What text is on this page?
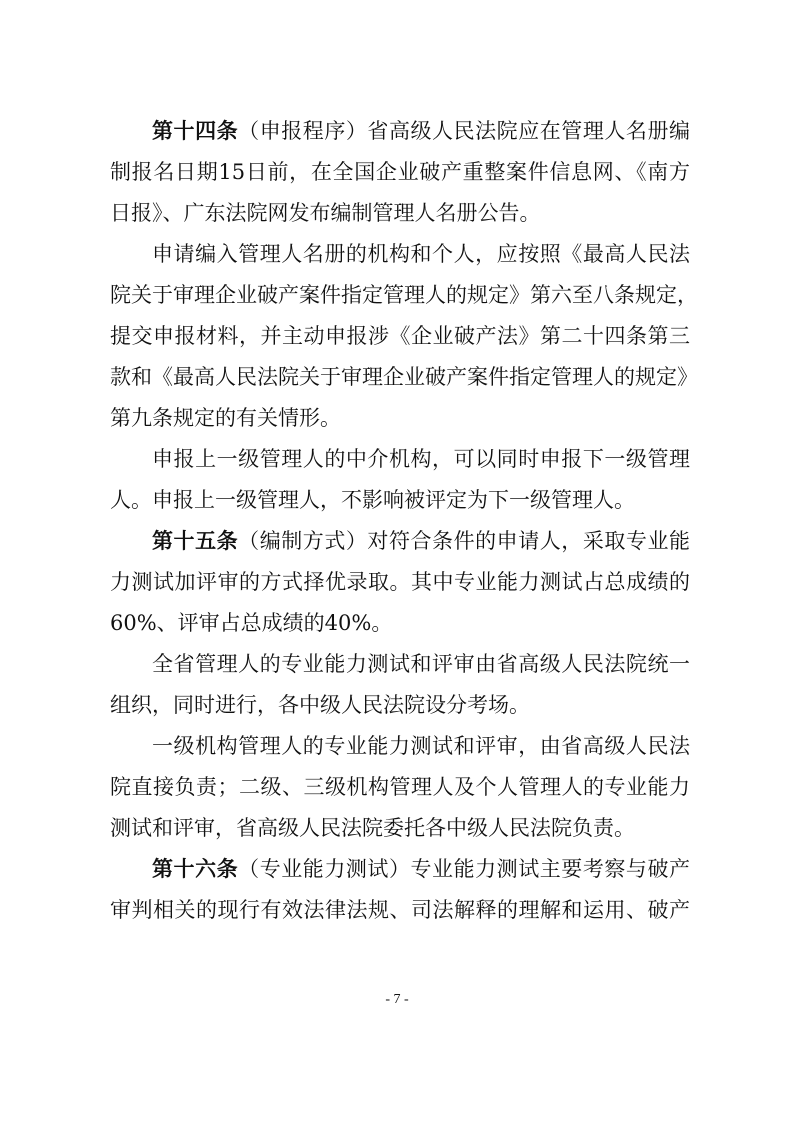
第十四条（申报程序）省高级人民法院应在管理人名册编
制报名日期15日前，在全国企业破产重整案件信息网、《南方
日报》、广东法院网发布编制管理人名册公告。
申请编入管理人名册的机构和个人，应按照《最高人民法
院关于审理企业破产案件指定管理人的规定》第六至八条规定，
提交申报材料，并主动申报涉《企业破产法》第二十四条第三
款和《最高人民法院关于审理企业破产案件指定管理人的规定》
第九条规定的有关情形。
申报上一级管理人的中介机构，可以同时申报下一级管理
人。申报上一级管理人，不影响被评定为下一级管理人。
第十五条（编制方式）对符合条件的申请人，采取专业能
力测试加评审的方式择优录取。其中专业能力测试占总成绩的
60%、评审占总成绩的40%。
全省管理人的专业能力测试和评审由省高级人民法院统一
组织，同时进行，各中级人民法院设分考场。
一级机构管理人的专业能力测试和评审，由省高级人民法
院直接负责；二级、三级机构管理人及个人管理人的专业能力
测试和评审，省高级人民法院委托各中级人民法院负责。
第十六条（专业能力测试）专业能力测试主要考察与破产
审判相关的现行有效法律法规、司法解释的理解和运用、破产
- 7 -
